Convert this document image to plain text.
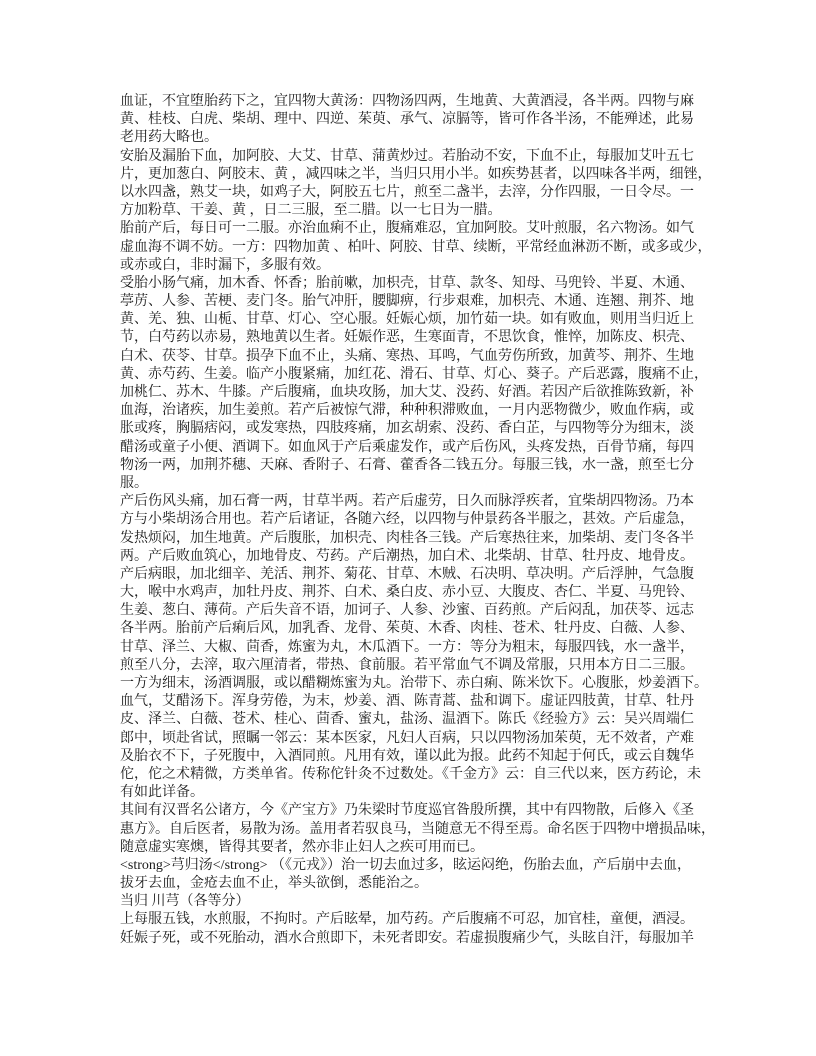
血证，不宜堕胎药下之，宜四物大黄汤：四物汤四两，生地黄、大黄酒浸，各半两。四物与麻
黄、桂枝、白虎、柴胡、理中、四逆、茱萸、承气、凉膈等，皆可作各半汤，不能殚述，此易
老用药大略也。
安胎及漏胎下血，加阿胶、大艾、甘草、蒲黄炒过。若胎动不安，下血不止，每服加艾叶五七
片，更加葱白、阿胶末、黄 ，减四味之半，当归只用小半。如疾势甚者，以四味各半两，细锉，
以水四盏，熟艾一块，如鸡子大，阿胶五七片，煎至二盏半，去滓，分作四服，一日令尽。一
方加粉草、干姜、黄 ，日二三服，至二腊。以一七日为一腊。
胎前产后，每日可一二服。亦治血痢不止，腹痛难忍，宜加阿胶。艾叶煎服，名六物汤。如气
虚血海不调不妨。一方：四物加黄 、柏叶、阿胶、甘草、续断，平常经血淋沥不断，或多或少，
或赤或白，非时漏下，多服有效。
受胎小肠气痛，加木香、怀香；胎前嗽，加枳壳，甘草、款冬、知母、马兜铃、半夏、木通、
葶苈、人参、苦梗、麦门冬。胎气冲肝，腰脚痹，行步艰难，加枳壳、木通、连翘、荆芥、地
黄、羌、独、山栀、甘草、灯心、空心服。妊娠心烦，加竹茹一块。如有败血，则用当归近上
节，白芍药以赤易，熟地黄以生者。妊娠作恶，生寒面青，不思饮食，惟悴，加陈皮、枳壳、
白术、茯苓、甘草。损孕下血不止，头痛、寒热、耳鸣，气血劳伤所致，加黄芩、荆芥、生地
黄、赤芍药、生姜。临产小腹紧痛，加红花、滑石、甘草、灯心、葵子。产后恶露，腹痛不止，
加桃仁、苏木、牛膝。产后腹痛，血块攻肠，加大艾、没药、好酒。若因产后欲推陈致新，补
血海，治诸疾，加生姜煎。若产后被惊气滞，种种积滞败血，一月内恶物微少，败血作病，或
胀或疼，胸膈痞闷，或发寒热，四肢疼痛，加玄胡索、没药、香白芷，与四物等分为细末，淡
醋汤或童子小便、酒调下。如血风于产后乘虚发作，或产后伤风，头疼发热，百骨节痛，每四
物汤一两，加荆芥穗、天麻、香附子、石膏、藿香各二钱五分。每服三钱，水一盏，煎至七分
服。
产后伤风头痛，加石膏一两，甘草半两。若产后虚劳，日久而脉浮疾者，宜柴胡四物汤。乃本
方与小柴胡汤合用也。若产后诸证，各随六经，以四物与仲景药各半服之，甚效。产后虚急，
发热烦闷，加生地黄。产后腹胀，加枳壳、肉桂各三钱。产后寒热往来，加柴胡、麦门冬各半
两。产后败血筑心，加地骨皮、芍药。产后潮热，加白术、北柴胡、甘草、牡丹皮、地骨皮。
产后病眼，加北细辛、羌活、荆芥、菊花、甘草、木贼、石决明、草决明。产后浮肿，气急腹
大，喉中水鸡声，加牡丹皮、荆芥、白术、桑白皮、赤小豆、大腹皮、杏仁、半夏、马兜铃、
生姜、葱白、薄荷。产后失音不语，加诃子、人参、沙蜜、百药煎。产后闷乱，加茯苓、远志
各半两。胎前产后痢后风，加乳香、龙骨、茱萸、木香、肉桂、苍术、牡丹皮、白薇、人参、
甘草、泽兰、大椒、茴香，炼蜜为丸，木瓜酒下。一方：等分为粗末，每服四钱，水一盏半，
煎至八分，去滓，取六厘清者，带热、食前服。若平常血气不调及常服，只用本方日二三服。
一方为细末，汤酒调服，或以醋糊炼蜜为丸。治带下、赤白痢、陈米饮下。心腹胀，炒姜酒下。
血气，艾醋汤下。浑身劳倦，为末，炒姜、酒、陈青蒿、盐和调下。虚证四肢黄，甘草、牡丹
皮、泽兰、白薇、苍术、桂心、茴香、蜜丸，盐汤、温酒下。陈氏《经验方》云：吴兴周端仁
郎中，顷赴省试，照瞩一邻云：某本医家，凡妇人百病，只以四物汤加茱萸，无不效者，产难
及胎衣不下，子死腹中，入酒同煎。凡用有效，谨以此为报。此药不知起于何氏，或云自魏华
佗，佗之术精微，方类单省。传称佗针灸不过数处。《千金方》云：自三代以来，医方药论，未
有如此详备。
其间有汉晋名公诸方，今《产宝方》乃朱梁时节度巡官昝殷所撰，其中有四物散，后修入《圣
惠方》。自后医者，易散为汤。盖用者若驭良马，当随意无不得至焉。命名医于四物中增损品味，
随意虚实寒燠，皆得其要者，然亦非止妇人之疾可用而已。
<strong>芎归汤</strong> （《元戎》）治一切去血过多，眩运闷绝，伤胎去血，产后崩中去血，
拔牙去血，金疮去血不止，举头欲倒，悉能治之。
当归 川芎（各等分）
上每服五钱，水煎服，不拘时。产后眩晕，加芍药。产后腹痛不可忍，加官桂，童便，酒浸。
妊娠子死，或不死胎动，酒水合煎即下，未死者即安。若虚损腹痛少气，头眩自汗，每服加羊
